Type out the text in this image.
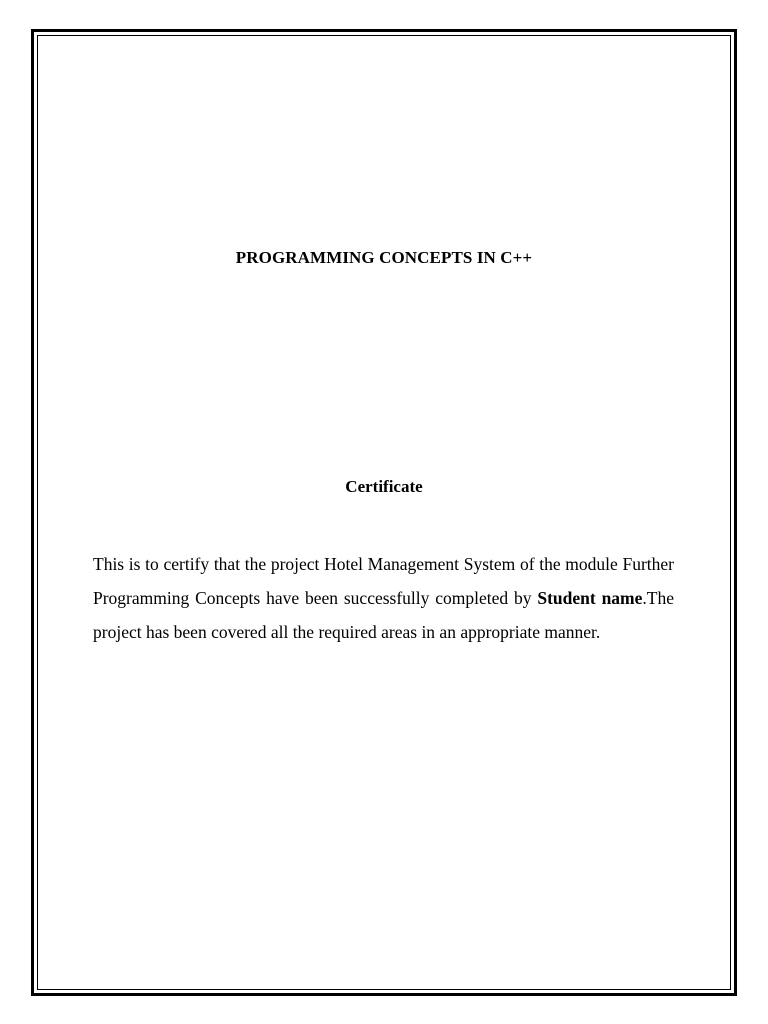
PROGRAMMING CONCEPTS IN C++
Certificate

This is to certify that the project Hotel Management System of the module Further Programming Concepts have been successfully completed by Student name.The project has been covered all the required areas in an appropriate manner.
